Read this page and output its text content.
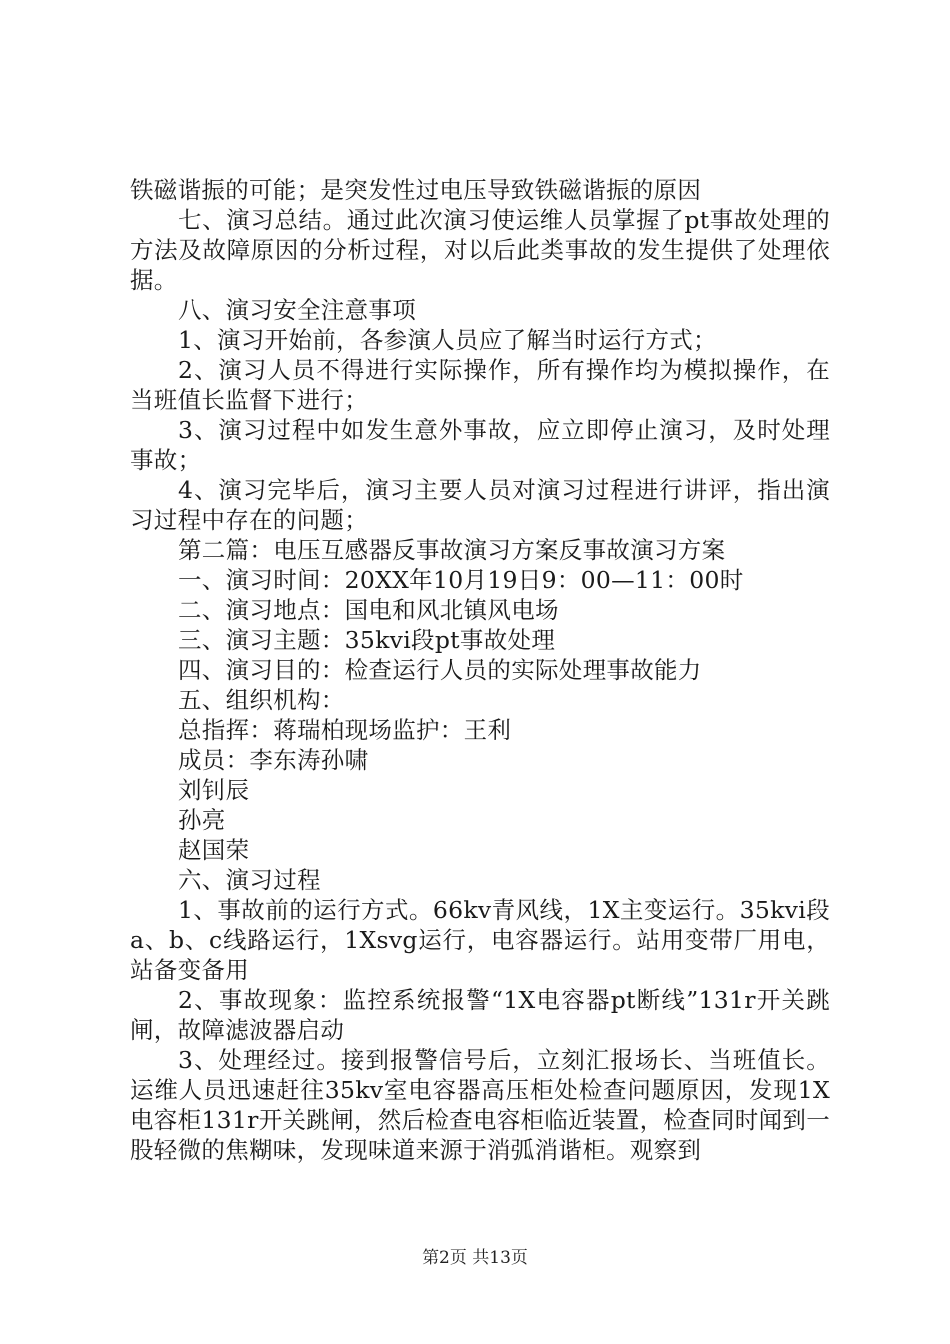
铁磁谐振的可能；是突发性过电压导致铁磁谐振的原因

七、演习总结。通过此次演习使运维人员掌握了pt事故处理的方法及故障原因的分析过程，对以后此类事故的发生提供了处理依据。

八、演习安全注意事项

1、演习开始前，各参演人员应了解当时运行方式；

2、演习人员不得进行实际操作，所有操作均为模拟操作，在当班值长监督下进行；

3、演习过程中如发生意外事故，应立即停止演习，及时处理事故；

4、演习完毕后，演习主要人员对演习过程进行讲评，指出演习过程中存在的问题；

第二篇：电压互感器反事故演习方案反事故演习方案

一、演习时间：20XX年10月19日9：00—11：00时

二、演习地点：国电和风北镇风电场

三、演习主题：35kvi段pt事故处理

四、演习目的：检查运行人员的实际处理事故能力

五、组织机构：

总指挥：蒋瑞柏现场监护：王利

成员：李东涛孙啸

刘钊辰

孙亮

赵国荣

六、演习过程

1、事故前的运行方式。66kv青风线，1X主变运行。35kvi段a、b、c线路运行，1Xsvg运行，电容器运行。站用变带厂用电，站备变备用

2、事故现象：监控系统报警“1X电容器pt断线”131r开关跳闸，故障滤波器启动

3、处理经过。接到报警信号后，立刻汇报场长、当班值长。运维人员迅速赶往35kv室电容器高压柜处检查问题原因，发现1X电容柜131r开关跳闸，然后检查电容柜临近装置，检查同时闻到一股轻微的焦糊味，发现味道来源于消弧消谐柜。观察到

第2页 共13页
